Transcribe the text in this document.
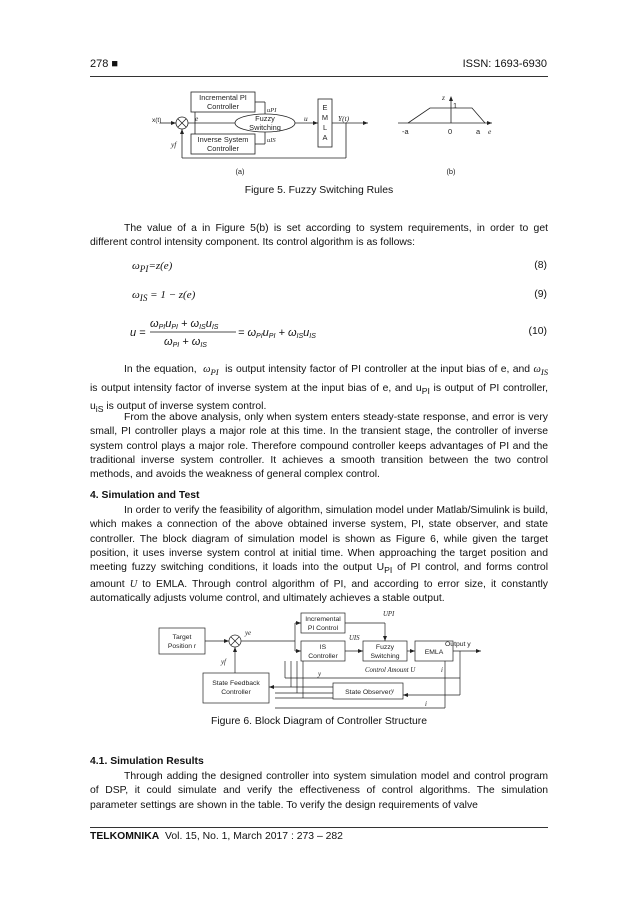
278 ■	ISSN: 1693-6930
Incremental PI
Controller
Fuzzy
Switching
Inverse System
Controller
E
M
L
A
x(t)	e	Y(t)
u
yf
uPI
uIS
(a)
z
1
-a	0	a e
(b)
Figure 5. Fuzzy Switching Rules
The value of a in Figure 5(b) is set according to system requirements, in order to get different control intensity component. Its control algorithm is as follows:
$\omega_{PI}=z(e)$	(8)
$\omega_{IS} = 1 - z(e)$	(9)
u =
ωPIuPI + ωISuIS
ωPI + ωIS
= ωPIuPI + ωISuIS	(10)
In the equation,  $\omega_{PI}$ is output intensity factor of PI controller at the input bias of e, and $\omega_{IS}$ is output intensity factor of inverse system at the input bias of e, and $u_{PI}$ is output of PI controller, $u_{iS}$ is output of inverse system control.
From the above analysis, only when system enters steady-state response, and error is very small, PI controller plays a major role at this time. In the transient stage, the controller of inverse system control plays a major role. Therefore compound controller keeps advantages of PI and the traditional inverse system controller. It achieves a smooth transition between the two control methods, and avoids the weakness of general complex control.
4. Simulation and Test
In order to verify the feasibility of algorithm, simulation model under Matlab/Simulink is build, which makes a connection of the above obtained inverse system, PI, state observer, and state controller. The block diagram of simulation model is shown as Figure 6, while given the target position, it uses inverse system control at initial time. When approaching the target position and meeting fuzzy switching conditions, it loads into the output $U_{PI}$ of PI control, and forms control amount U to EMLA. Through control algorithm of PI, and according to error size, it constantly automatically adjusts volume control, and ultimately achieves a stable output.
Target
Position r
Incremental
PI Control
IS
Controller
Fuzzy
Switching
EMLA
Output y
State Feedback
Controller	State Observer
Control Amount U
UPI
UIS
ye
yf
y
y
i
i
Figure 6. Block Diagram of Controller Structure
4.1. Simulation Results
Through adding the designed controller into system simulation model and control program of DSP, it could simulate and verify the effectiveness of control algorithms. The simulation parameter settings are shown in the table. To verify the design requirements of valve
TELKOMNIKA Vol. 15, No. 1, March 2017 : 273 – 282
